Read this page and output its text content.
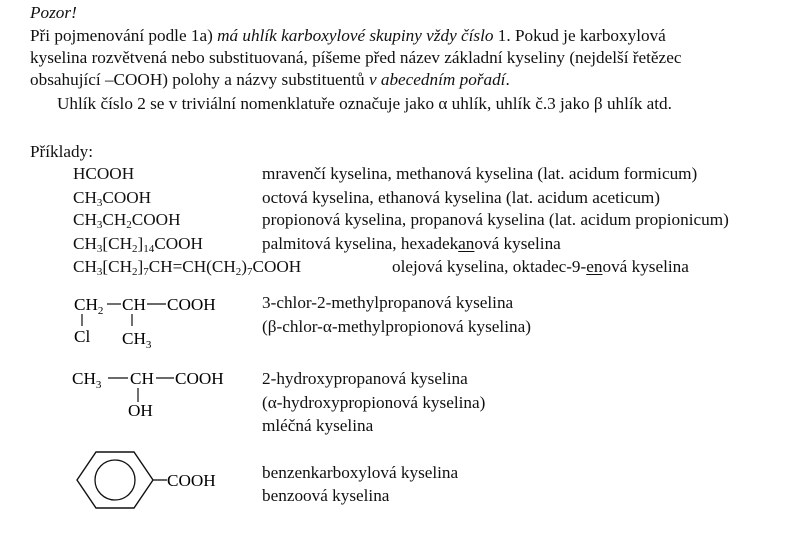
Pozor!
Při pojmenování podle 1a) má uhlík karboxylové skupiny vždy číslo 1. Pokud je karboxylová
kyselina rozvětvená nebo substituovaná, píšeme před název základní kyseliny (nejdelší řetězec
obsahující –COOH) polohy a názvy substituentů v abecedním pořadí.
Uhlík číslo 2 se v triviální nomenklatuře označuje jako α uhlík, uhlík č.3 jako β uhlík atd.
Příklady:
HCOOH	mravenčí kyselina, methanová kyselina (lat. acidum formicum)
$CH_3COOH$	octová kyselina, ethanová kyselina (lat. acidum aceticum)
$CH_3CH_2COOH$	propionová kyselina, propanová kyselina (lat. acidum propionicum)
$CH_3[CH_2]_{14}COOH$	palmitová kyselina, hexadekanová kyselina
$CH_3[CH_2]_7CH=CH(CH_2)_7COOH$	olejová kyselina, oktadec-9-enová kyselina
$CH_2$ CH COOH
Cl $CH_3$
3-chlor-2-methylpropanová kyselina
(β-chlor-α-methylpropionová kyselina)
$CH_3$ CH COOH
OH
2-hydroxypropanová kyselina
(α-hydroxypropionová kyselina)
mléčná kyselina
COOH	benzenkarboxylová kyselina
benzoová kyselina
